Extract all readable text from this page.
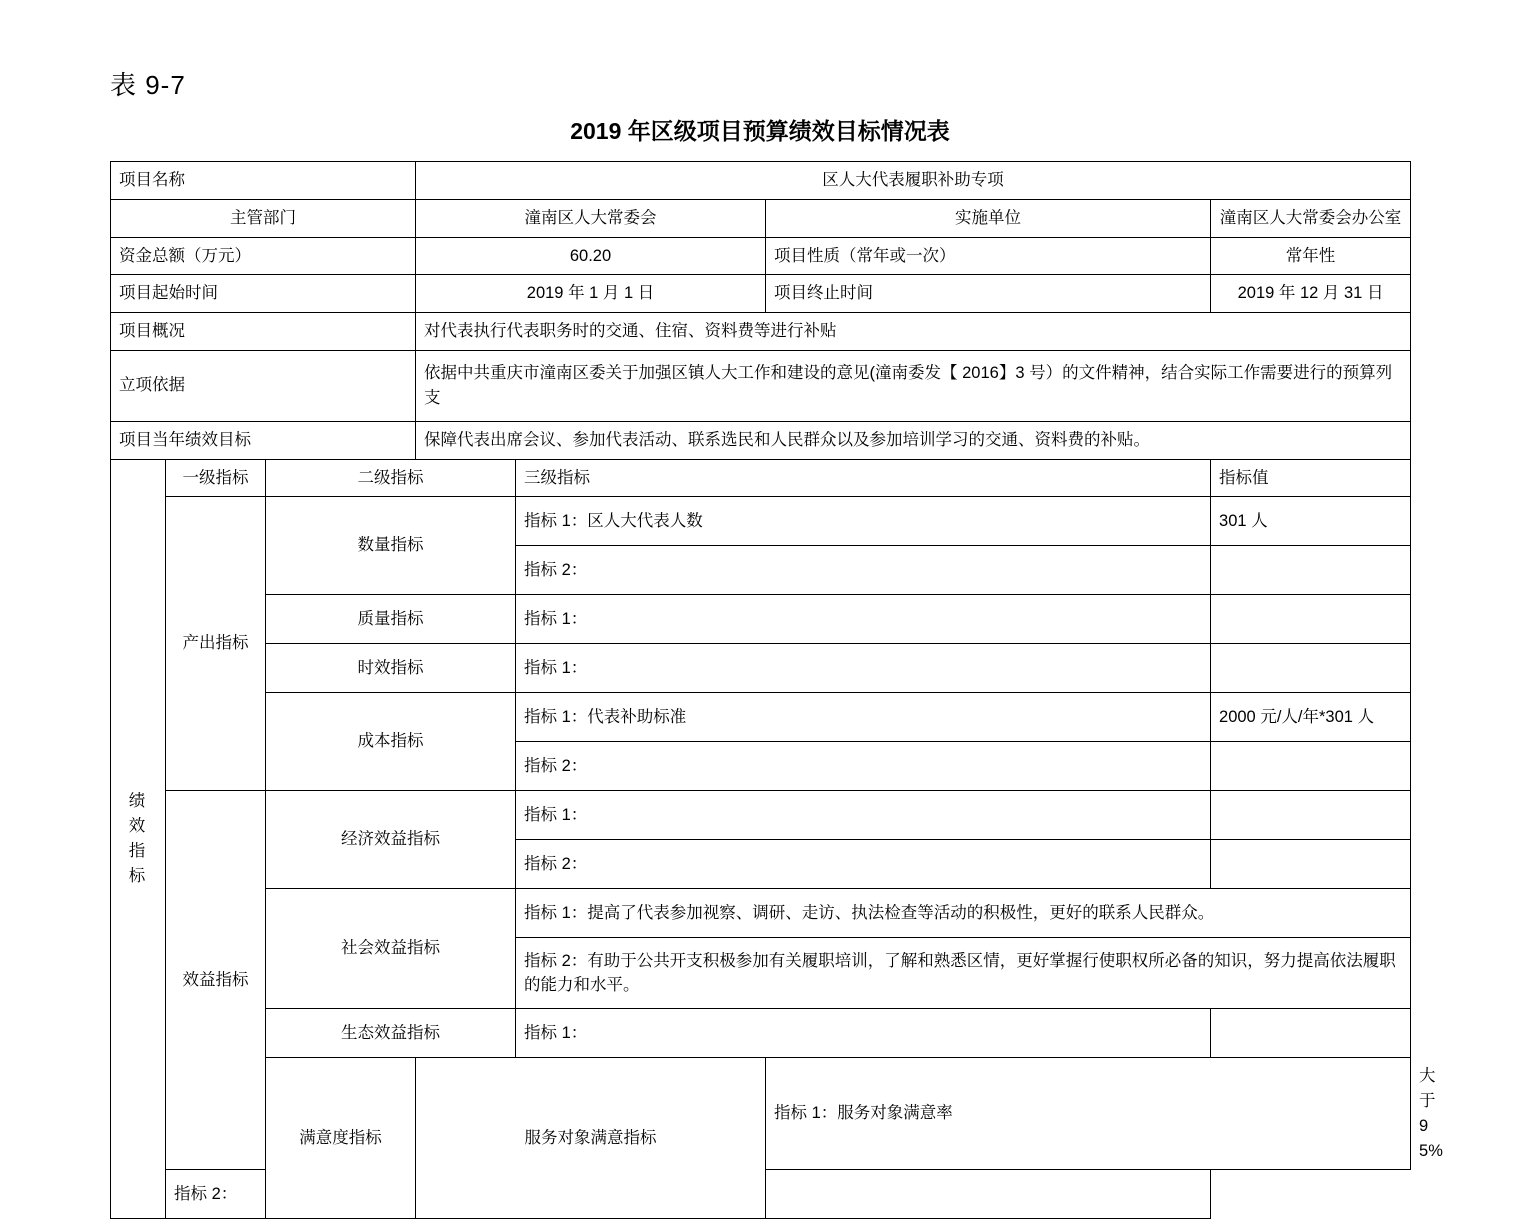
表 9-7
2019 年区级项目预算绩效目标情况表
项目名称			区人大代表履职补助专项				
主管部门			潼南区人大常委会		实施单位	潼南区人大常委会办公室	
资金总额（万元）			60.20		项目性质（常年或一次）	常年性	
项目起始时间			2019 年 1 月 1 日		项目终止时间	2019 年 12 月 31 日	
项目概况			对代表执行代表职务时的交通、住宿、资料费等进行补贴				
立项依据			依据中共重庆市潼南区委关于加强区镇人大工作和建设的意见(潼南委发【 2016】3 号）的文件精神，结合实际工作需要进行的预算列支				
项目当年绩效目标			保障代表出席会议、参加代表活动、联系选民和人民群众以及参加培训学习的交通、资料费的补贴。				

绩
效
指
标	一级指标	二级指标		三级指标		指标值	
	产出指标	数量指标		指标 1：区人大代表人数		301 人	
				指标 2：			
		质量指标		指标 1：			
		时效指标		指标 1：			
		成本指标		指标 1：代表补助标准		2000 元/人/年*301 人	
				指标 2：			
	效益指标	经济效益指标		指标 1：			
				指标 2：			
		社会效益指标		指标 1：提高了代表参加视察、调研、走访、执法检查等活动的积极性，更好的联系人民群众。			
				指标 2：有助于公共开支积极参加有关履职培训，了解和熟悉区情，更好掌握行使职权所必备的知识，努力提高依法履职的能力和水平。			
		生态效益指标		指标 1：			
		满意度指标	服务对象满意指标		指标 1：服务对象满意率		大于 95%
	指标 2：						
